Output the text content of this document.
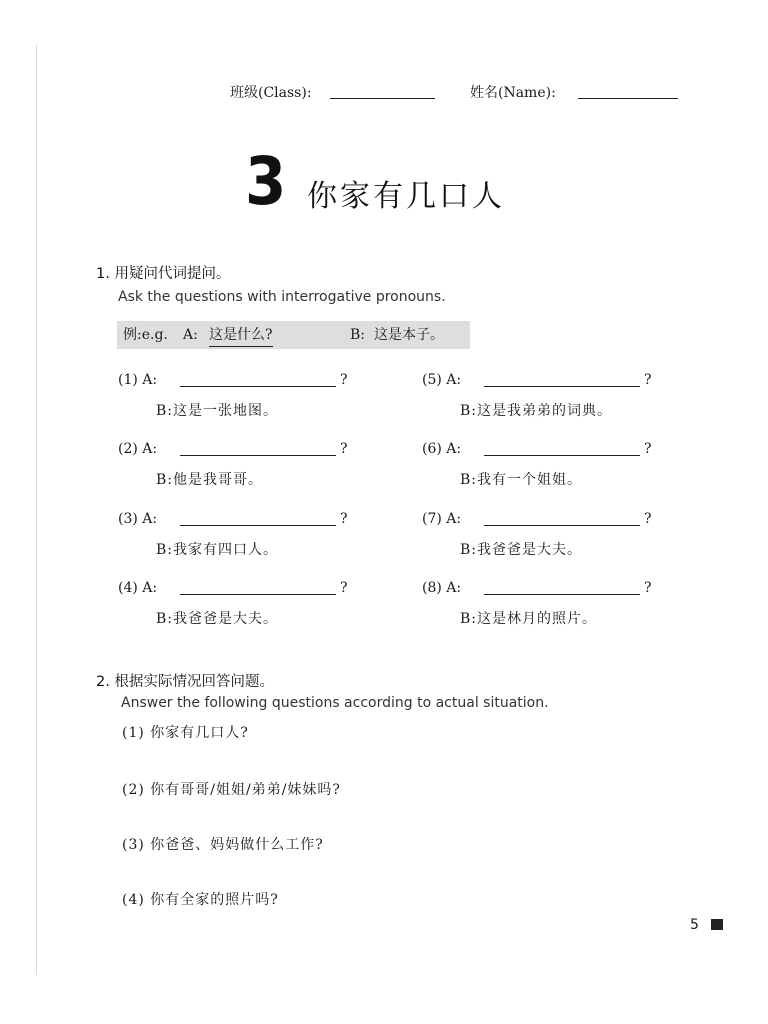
班级(Class):	姓名(Name):
3 你家有几口人
1. 用疑问代词提问。
Ask the questions with interrogative pronouns.
例:e.g. A: 这是什么?	B: 这是本子。
(1) A:	?
B:这是一张地图。
(2) A:	?
B:他是我哥哥。
(3) A:	?
B:我家有四口人。
(4) A:	?
B:我爸爸是大夫。
(5) A:	?
B:这是我弟弟的词典。
(6) A:	?
B:我有一个姐姐。
(7) A:	?
B:我爸爸是大夫。
(8) A:	?
B:这是林月的照片。
2. 根据实际情况回答问题。
Answer the following questions according to actual situation.
(1) 你家有几口人?
(2) 你有哥哥/姐姐/弟弟/妹妹吗?
(3) 你爸爸、妈妈做什么工作?
(4) 你有全家的照片吗?
5
